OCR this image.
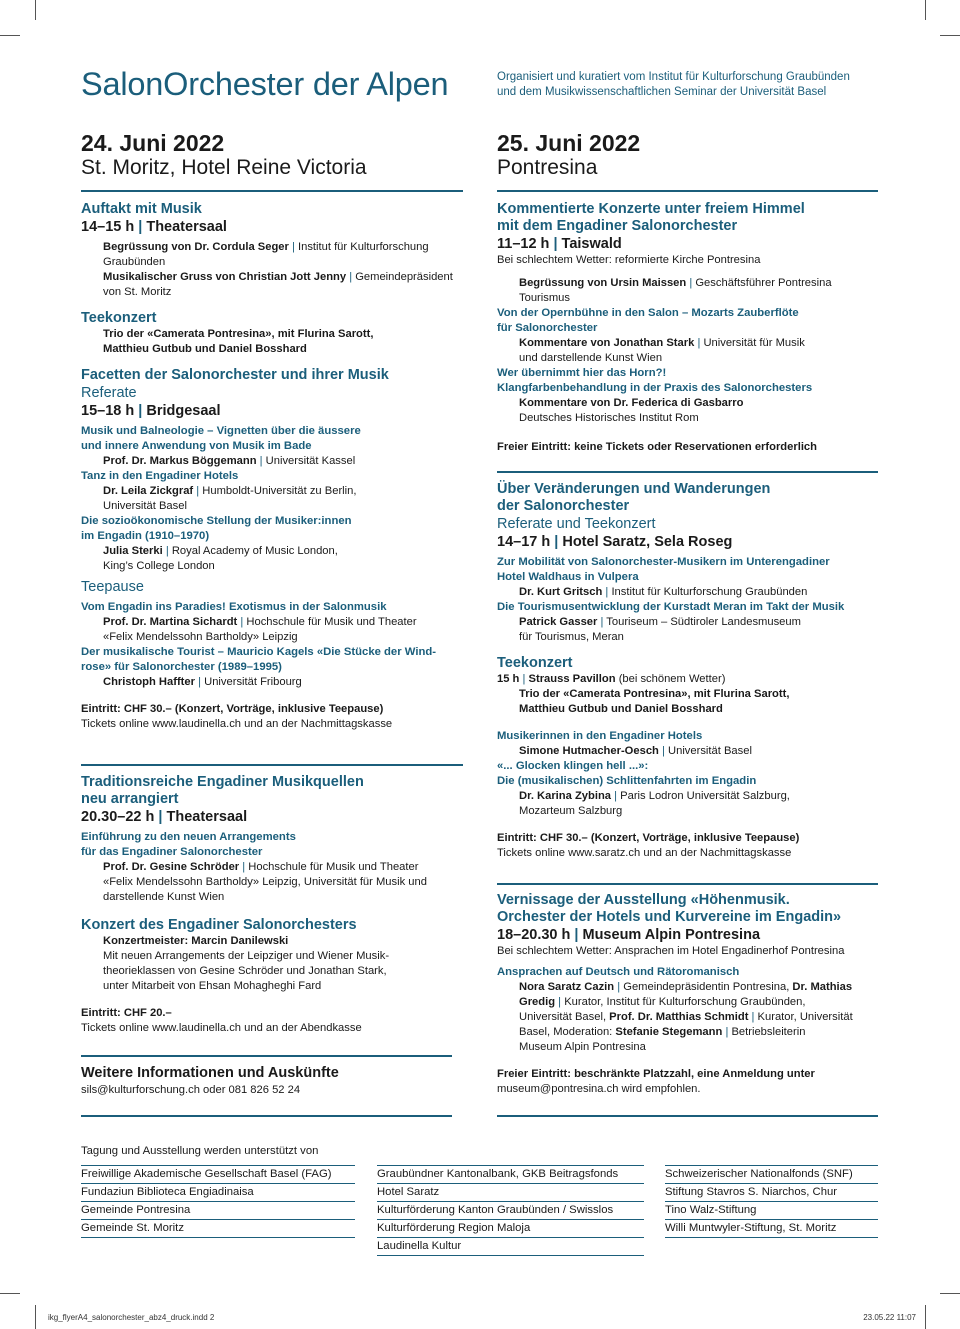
SalonOrchester der Alpen	Organisiert und kuratiert vom Institut für Kulturforschung Graubünden
und dem Musikwissenschaftlichen Seminar der Universität Basel
24. Juni 2022
St. Moritz, Hotel Reine Victoria
25. Juni 2022
Pontresina
Auftakt mit Musik
14–15 h | Theatersaal
Begrüssung von Dr. Cordula Seger | Institut für Kulturforschung
Graubünden
Musikalischer Gruss von Christian Jott Jenny | Gemeindepräsident
von St. Moritz
Teekonzert
Trio der «Camerata Pontresina», mit Flurina Sarott,
Matthieu Gutbub und Daniel Bosshard
Facetten der Salonorchester und ihrer Musik
Referate
15–18 h | Bridgesaal
Musik und Balneologie – Vignetten über die äussere
und innere Anwendung von Musik im Bade
Prof. Dr. Markus Böggemann | Universität Kassel
Tanz in den Engadiner Hotels
Dr. Leila Zickgraf | Humboldt-Universität zu Berlin,
Universität Basel
Die sozioökonomische Stellung der Musiker:innen
im Engadin (1910–1970)
Julia Sterki | Royal Academy of Music London,
King’s College London
Teepause
Vom Engadin ins Paradies! Exotismus in der Salonmusik
Prof. Dr. Martina Sichardt | Hochschule für Musik und Theater
«Felix Mendelssohn Bartholdy» Leipzig
Der musikalische Tourist – Mauricio Kagels «Die Stücke der Wind-
rose» für Salonorchester (1989–1995)
Christoph Haffter | Universität Fribourg
Eintritt: CHF 30.– (Konzert, Vorträge, inklusive Teepause)
Tickets online www.laudinella.ch und an der Nachmittagskasse
Traditionsreiche Engadiner Musikquellen
neu arrangiert
20.30–22 h | Theatersaal
Einführung zu den neuen Arrangements
für das Engadiner Salonorchester
Prof. Dr. Gesine Schröder | Hochschule für Musik und Theater
«Felix Mendelssohn Bartholdy» Leipzig, Universität für Musik und
darstellende Kunst Wien
Konzert des Engadiner Salonorchesters
Konzertmeister: Marcin Danilewski
Mit neuen Arrangements der Leipziger und Wiener Musik-
theorieklassen von Gesine Schröder und Jonathan Stark,
unter Mitarbeit von Ehsan Mohagheghi Fard
Eintritt: CHF 20.–
Tickets online www.laudinella.ch und an der Abendkasse
Weitere Informationen und Auskünfte
sils@kulturforschung.ch oder 081 826 52 24
Kommentierte Konzerte unter freiem Himmel
mit dem Engadiner Salonorchester
11–12 h | Taiswald
Bei schlechtem Wetter: reformierte Kirche Pontresina
Begrüssung von Ursin Maissen | Geschäftsführer Pontresina
Tourismus
Von der Opernbühne in den Salon – Mozarts Zauberflöte
für Salonorchester
Kommentare von Jonathan Stark | Universität für Musik
und darstellende Kunst Wien
Wer übernimmt hier das Horn?!
Klangfarbenbehandlung in der Praxis des Salonorchesters
Kommentare von Dr. Federica di Gasbarro
Deutsches Historisches Institut Rom
Freier Eintritt: keine Tickets oder Reservationen erforderlich
Über Veränderungen und Wanderungen
der Salonorchester
Referate und Teekonzert
14–17 h | Hotel Saratz, Sela Roseg
Zur Mobilität von Salonorchester-Musikern im Unterengadiner
Hotel Waldhaus in Vulpera
Dr. Kurt Gritsch | Institut für Kulturforschung Graubünden
Die Tourismusentwicklung der Kurstadt Meran im Takt der Musik
Patrick Gasser | Touriseum – Südtiroler Landesmuseum
für Tourismus, Meran
Teekonzert
15 h | Strauss Pavillon (bei schönem Wetter)
Trio der «Camerata Pontresina», mit Flurina Sarott,
Matthieu Gutbub und Daniel Bosshard
Musikerinnen in den Engadiner Hotels
Simone Hutmacher-Oesch | Universität Basel
«... Glocken klingen hell ...»:
Die (musikalischen) Schlittenfahrten im Engadin
Dr. Karina Zybina | Paris Lodron Universität Salzburg,
Mozarteum Salzburg
Eintritt: CHF 30.– (Konzert, Vorträge, inklusive Teepause)
Tickets online www.saratz.ch und an der Nachmittagskasse
Vernissage der Ausstellung «Höhenmusik.
Orchester der Hotels und Kurvereine im Engadin»
18–20.30 h | Museum Alpin Pontresina
Bei schlechtem Wetter: Ansprachen im Hotel Engadinerhof Pontresina
Ansprachen auf Deutsch und Rätoromanisch
Nora Saratz Cazin | Gemeindepräsidentin Pontresina, Dr. Mathias
Gredig | Kurator, Institut für Kulturforschung Graubünden,
Universität Basel, Prof. Dr. Matthias Schmidt | Kurator, Universität
Basel, Moderation: Stefanie Stegemann | Betriebsleiterin
Museum Alpin Pontresina
Freier Eintritt: beschränkte Platzzahl, eine Anmeldung unter
museum@pontresina.ch wird empfohlen.
Tagung und Ausstellung werden unterstützt von
Freiwillige Akademische Gesellschaft Basel (FAG)
Fundaziun Biblioteca Engiadinaisa
Gemeinde Pontresina
Gemeinde St. Moritz
Graubündner Kantonalbank, GKB Beitragsfonds
Hotel Saratz
Kulturförderung Kanton Graubünden / Swisslos
Kulturförderung Region Maloja
Laudinella Kultur
Schweizerischer Nationalfonds (SNF)
Stiftung Stavros S. Niarchos, Chur
Tino Walz-Stiftung
Willi Muntwyler-Stiftung, St. Moritz
ikg_flyerA4_salonorchester_abz4_druck.indd 2	23.05.22 11:07
